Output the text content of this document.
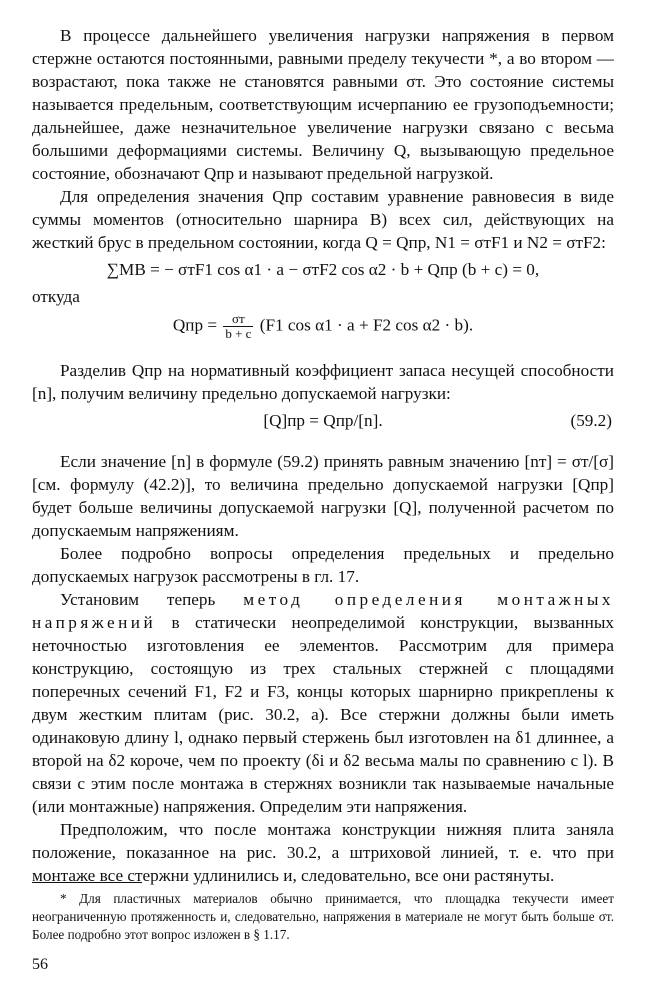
В процессе дальнейшего увеличения нагрузки напряжения в первом стержне остаются постоянными, равными пределу текучести *, а во втором — возрастают, пока также не становятся равными σт. Это состояние системы называется предельным, соответствующим исчерпанию ее грузоподъемности; дальнейшее, даже незначительное увеличение нагрузки связано с весьма большими деформациями системы. Величину Q, вызывающую предельное состояние, обозначают Qпр и называют предельной нагрузкой.

Для определения значения Qпр составим уравнение равновесия в виде суммы моментов (относительно шарнира B) всех сил, действующих на жесткий брус в предельном состоянии, когда Q = Qпр, N1 = σтF1 и N2 = σтF2:

∑MB = − σтF1 cos α1 · a − σтF2 cos α2 · b + Qпр (b + c) = 0,

откуда

Qпр = $\frac{\sigma т}{b + c} (F1$ cos α1 · a + F2 cos α2 · b).

Разделив Qпр на нормативный коэффициент запаса несущей способности [n], получим величину предельно допускаемой нагрузки:

[Q]пр = Qпр/[n].	(59.2)

Если значение [n] в формуле (59.2) принять равным значению [nт] = σт/[σ] [см. формулу (42.2)], то величина предельно допускаемой нагрузки [Qпр] будет больше величины допускаемой нагрузки [Q], полученной расчетом по допускаемым напряжениям.

Более подробно вопросы определения предельных и предельно допускаемых нагрузок рассмотрены в гл. 17.

Установим теперь метод определения монтажных напряжений в статически неопределимой конструкции, вызванных неточностью изготовления ее элементов. Рассмотрим для примера конструкцию, состоящую из трех стальных стержней с площадями поперечных сечений F1, F2 и F3, концы которых шарнирно прикреплены к двум жестким плитам (рис. 30.2, а). Все стержни должны были иметь одинаковую длину l, однако первый стержень был изготовлен на δ1 длиннее, а второй на δ2 короче, чем по проекту (δi и δ2 весьма малы по сравнению с l). В связи с этим после монтажа в стержнях возникли так называемые начальные (или монтажные) напряжения. Определим эти напряжения.

Предположим, что после монтажа конструкции нижняя плита заняла положение, показанное на рис. 30.2, а штриховой линией, т. е. что при монтаже все стержни удлинились и, следовательно, все они растянуты.

* Для пластичных материалов обычно принимается, что площадка текучести имеет неограниченную протяженность и, следовательно, напряжения в материале не могут быть больше σт. Более подробно этот вопрос изложен в § 1.17.
56
